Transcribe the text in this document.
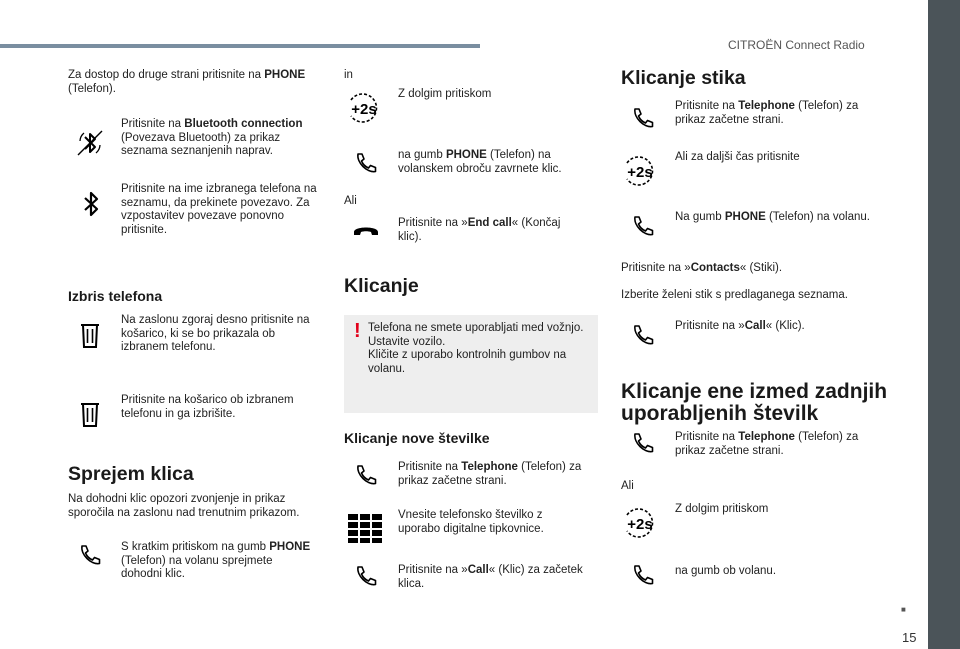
CITROËN Connect Radio
■
15
Za dostop do druge strani pritisnite na PHONE (Telefon).
Pritisnite na Bluetooth connection (Povezava Bluetooth) za prikaz seznama seznanjenih naprav.
Pritisnite na ime izbranega telefona na seznamu, da prekinete povezavo. Za vzpostavitev povezave ponovno pritisnite.
Izbris telefona
Na zaslonu zgoraj desno pritisnite na košarico, ki se bo prikazala ob izbranem telefonu.
Pritisnite na košarico ob izbranem telefonu in ga izbrišite.
Sprejem klica
Na dohodni klic opozori zvonjenje in prikaz sporočila na zaslonu nad trenutnim prikazom.
S kratkim pritiskom na gumb PHONE (Telefon) na volanu sprejmete dohodni klic.
in
+2s
Z dolgim pritiskom
na gumb PHONE (Telefon) na volanskem obroču zavrnete klic.
Ali
Pritisnite na »End call« (Končaj klic).
Klicanje
! Telefona ne smete uporabljati med vožnjo. Ustavite vozilo.
Kličite z uporabo kontrolnih gumbov na volanu.
Klicanje nove številke
Pritisnite na Telephone (Telefon) za prikaz začetne strani.
Vnesite telefonsko številko z uporabo digitalne tipkovnice.
Pritisnite na »Call« (Klic) za začetek klica.
Klicanje stika
Pritisnite na Telephone (Telefon) za prikaz začetne strani.
+2s
Ali za daljši čas pritisnite
Na gumb PHONE (Telefon) na volanu.
Pritisnite na »Contacts« (Stiki).
Izberite želeni stik s predlaganega seznama.
Pritisnite na »Call« (Klic).
Klicanje ene izmed zadnjih uporabljenih številk
Pritisnite na Telephone (Telefon) za prikaz začetne strani.
Ali
+2s
Z dolgim pritiskom
na gumb ob volanu.
